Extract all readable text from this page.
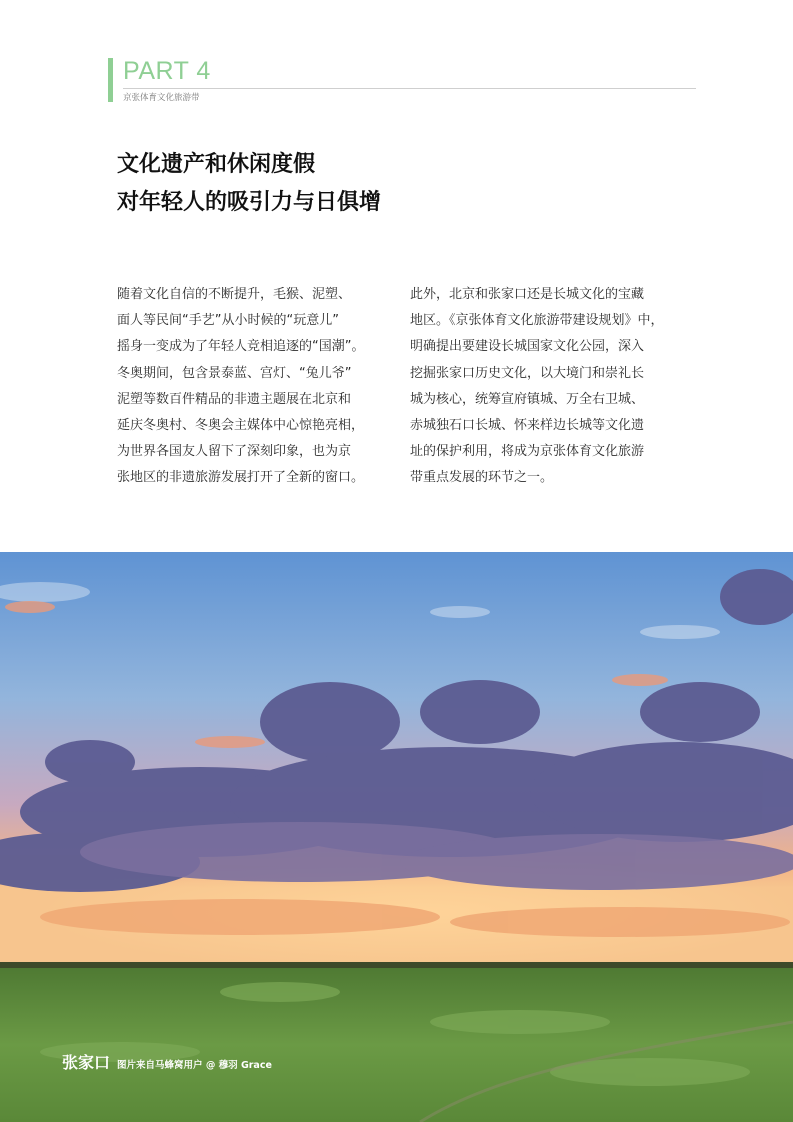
PART 4
京张体育文化旅游带
文化遗产和休闲度假
对年轻人的吸引力与日俱增
随着文化自信的不断提升，毛猴、泥塑、
面人等民间“手艺”从小时候的“玩意儿”
摇身一变成为了年轻人竞相追逐的“国潮”。
冬奥期间，包含景泰蓝、宫灯、“兔儿爷”
泥塑等数百件精品的非遗主题展在北京和
延庆冬奥村、冬奥会主媒体中心惊艳亮相，
为世界各国友人留下了深刻印象，也为京
张地区的非遗旅游发展打开了全新的窗口。
此外，北京和张家口还是长城文化的宝藏
地区。《京张体育文化旅游带建设规划》中，
明确提出要建设长城国家文化公园，深入
挖掘张家口历史文化，以大境门和崇礼长
城为核心，统筹宣府镇城、万全右卫城、
赤城独石口长城、怀来样边长城等文化遗
址的保护利用，将成为京张体育文化旅游
带重点发展的环节之一。
张家口 图片来自马蜂窝用户 @ 穆羽 Grace
